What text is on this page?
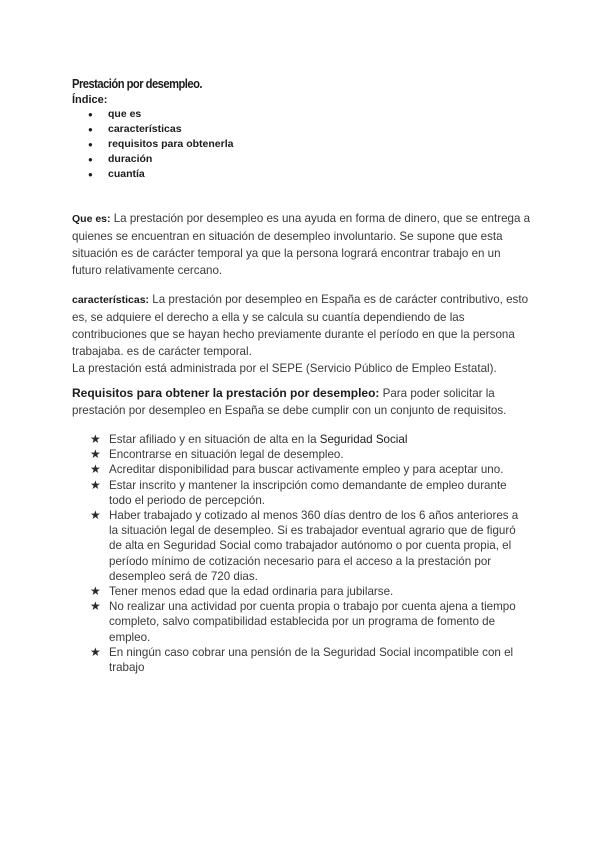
Prestación por desempleo.
Índice:
● que es
● características
● requisitos para obtenerla
● duración
● cuantía

Que es: La prestación por desempleo es una ayuda en forma de dinero, que se entrega a quienes se encuentran en situación de desempleo involuntario. Se supone que esta situación es de carácter temporal ya que la persona logrará encontrar trabajo en un futuro relativamente cercano.

características: La prestación por desempleo en España es de carácter contributivo, esto es, se adquiere el derecho a ella y se calcula su cuantía dependiendo de las contribuciones que se hayan hecho previamente durante el período en que la persona trabajaba. es de carácter temporal.
La prestación está administrada por el SEPE (Servicio Público de Empleo Estatal).

Requisitos para obtener la prestación por desempleo: Para poder solicitar la prestación por desempleo en España se debe cumplir con un conjunto de requisitos.

★ Estar afiliado y en situación de alta en la Seguridad Social
★ Encontrarse en situación legal de desempleo.
★ Acreditar disponibilidad para buscar activamente empleo y para aceptar uno.
★ Estar inscrito y mantener la inscripción como demandante de empleo durante todo el periodo de percepción.
★ Haber trabajado y cotizado al menos 360 días dentro de los 6 años anteriores a la situación legal de desempleo. Si es trabajador eventual agrario que de figuró de alta en Seguridad Social como trabajador autónomo o por cuenta propia, el período mínimo de cotización necesario para el acceso a la prestación por desempleo será de 720 dias.
★ Tener menos edad que la edad ordinaria para jubilarse.
★ No realizar una actividad por cuenta propia o trabajo por cuenta ajena a tiempo completo, salvo compatibilidad establecida por un programa de fomento de empleo.
★ En ningún caso cobrar una pensión de la Seguridad Social incompatible con el trabajo
